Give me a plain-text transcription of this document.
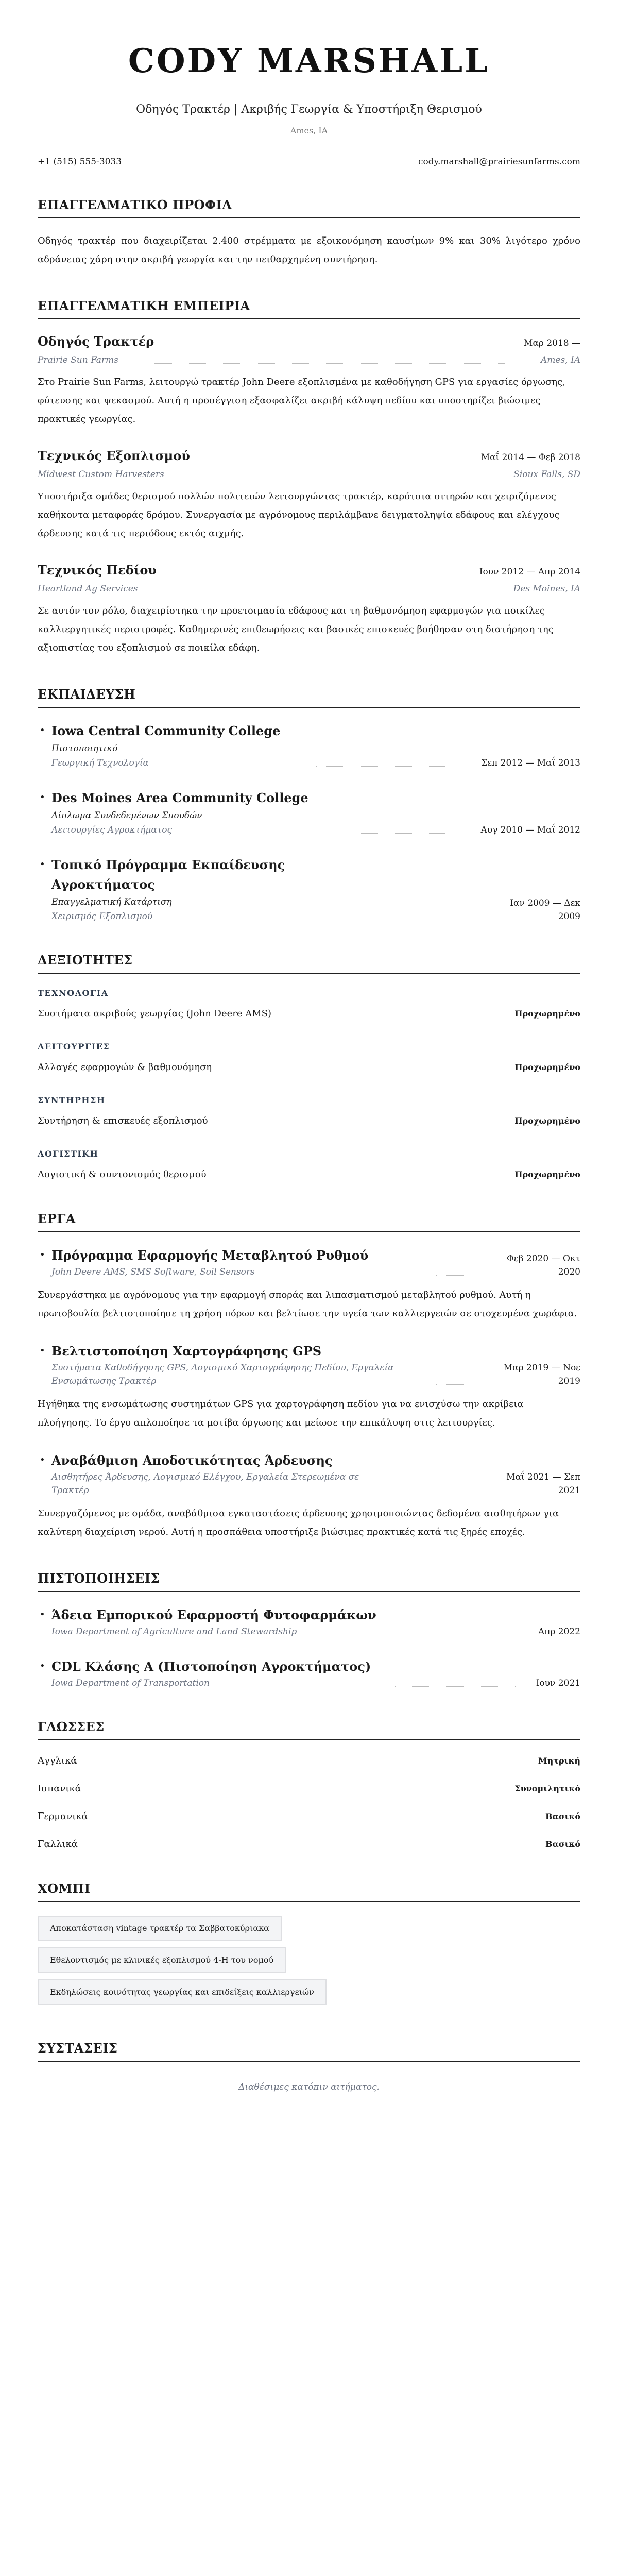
CODY MARSHALL
Οδηγός Τρακτέρ | Ακριβής Γεωργία & Υποστήριξη Θερισμού
Ames, IA
+1 (515) 555-3033	cody.marshall@prairiesunfarms.com
ΕΠΑΓΓΕΛΜΑΤΙΚΟ ΠΡΟΦΙΛ

Οδηγός τρακτέρ που διαχειρίζεται 2.400 στρέμματα με εξοικονόμηση καυσίμων 9% και 30% λιγότερο χρόνο αδράνειας χάρη στην ακριβή γεωργία και την πειθαρχημένη συντήρηση.

ΕΠΑΓΓΕΛΜΑΤΙΚΗ ΕΜΠΕΙΡΙΑ
Οδηγός Τρακτέρ	Μαρ 2018 —
Prairie Sun Farms	Ames, IA

Στο Prairie Sun Farms, λειτουργώ τρακτέρ John Deere εξοπλισμένα με καθοδήγηση GPS για εργασίες όργωσης, φύτευσης και ψεκασμού. Αυτή η προσέγγιση εξασφαλίζει ακριβή κάλυψη πεδίου και υποστηρίζει βιώσιμες πρακτικές γεωργίας.

Τεχνικός Εξοπλισμού	Μαΐ 2014 — Φεβ 2018
Midwest Custom Harvesters	Sioux Falls, SD

Υποστήριξα ομάδες θερισμού πολλών πολιτειών λειτουργώντας τρακτέρ, καρότσια σιτηρών και χειριζόμενος καθήκοντα μεταφοράς δρόμου. Συνεργασία με αγρόνομους περιλάμβανε δειγματοληψία εδάφους και ελέγχους άρδευσης κατά τις περιόδους εκτός αιχμής.

Τεχνικός Πεδίου	Ιουν 2012 — Απρ 2014
Heartland Ag Services	Des Moines, IA

Σε αυτόν τον ρόλο, διαχειρίστηκα την προετοιμασία εδάφους και τη βαθμονόμηση εφαρμογών για ποικίλες καλλιεργητικές περιστροφές. Καθημερινές επιθεωρήσεις και βασικές επισκευές βοήθησαν στη διατήρηση της αξιοπιστίας του εξοπλισμού σε ποικίλα εδάφη.

ΕΚΠΑΙΔΕΥΣΗ
• Iowa Central Community College
Πιστοποιητικό
Γεωργική Τεχνολογία	Σεπ 2012 — Μαΐ 2013
• Des Moines Area Community College
Δίπλωμα Συνδεδεμένων Σπουδών
Λειτουργίες Αγροκτήματος	Αυγ 2010 — Μαΐ 2012
• Τοπικό Πρόγραμμα Εκπαίδευσης Αγροκτήματος
Επαγγελματική Κατάρτιση
Χειρισμός Εξοπλισμού
Ιαν 2009 — Δεκ 2009
ΔΕΞΙΟΤΗΤΕΣ
ΤΕΧΝΟΛΟΓΙΑ
Συστήματα ακριβούς γεωργίας (John Deere AMS)	Προχωρημένο
ΛΕΙΤΟΥΡΓΙΕΣ
Αλλαγές εφαρμογών & βαθμονόμηση	Προχωρημένο
ΣΥΝΤΗΡΗΣΗ
Συντήρηση & επισκευές εξοπλισμού	Προχωρημένο
ΛΟΓΙΣΤΙΚΗ
Λογιστική & συντονισμός θερισμού	Προχωρημένο
ΕΡΓΑ
• Πρόγραμμα Εφαρμογής Μεταβλητού Ρυθμού
John Deere AMS, SMS Software, Soil Sensors
Φεβ 2020 — Οκτ 2020

Συνεργάστηκα με αγρόνομους για την εφαρμογή σποράς και λιπασματισμού μεταβλητού ρυθμού. Αυτή η πρωτοβουλία βελτιστοποίησε τη χρήση πόρων και βελτίωσε την υγεία των καλλιεργειών σε στοχευμένα χωράφια.

• Βελτιστοποίηση Χαρτογράφησης GPS
Συστήματα Καθοδήγησης GPS, Λογισμικό Χαρτογράφησης Πεδίου, Εργαλεία Ενσωμάτωσης Τρακτέρ
Μαρ 2019 — Νοε 2019

Ηγήθηκα της ενσωμάτωσης συστημάτων GPS για χαρτογράφηση πεδίου για να ενισχύσω την ακρίβεια πλοήγησης. Το έργο απλοποίησε τα μοτίβα όργωσης και μείωσε την επικάλυψη στις λειτουργίες.

• Αναβάθμιση Αποδοτικότητας Άρδευσης
Αισθητήρες Άρδευσης, Λογισμικό Ελέγχου, Εργαλεία Στερεωμένα σε Τρακτέρ
Μαΐ 2021 — Σεπ 2021

Συνεργαζόμενος με ομάδα, αναβάθμισα εγκαταστάσεις άρδευσης χρησιμοποιώντας δεδομένα αισθητήρων για καλύτερη διαχείριση νερού. Αυτή η προσπάθεια υποστήριξε βιώσιμες πρακτικές κατά τις ξηρές εποχές.

ΠΙΣΤΟΠΟΙΗΣΕΙΣ
• Άδεια Εμπορικού Εφαρμοστή Φυτοφαρμάκων
Iowa Department of Agriculture and Land Stewardship	Απρ 2022
• CDL Κλάσης A (Πιστοποίηση Αγροκτήματος)
Iowa Department of Transportation	Ιουν 2021
ΓΛΩΣΣΕΣ
Αγγλικά	Μητρική
Ισπανικά	Συνομιλητικό
Γερμανικά	Βασικό
Γαλλικά	Βασικό
ΧΟΜΠΙ
Αποκατάσταση vintage τρακτέρ τα Σαββατοκύριακα
Εθελοντισμός με κλινικές εξοπλισμού 4-H του νομού
Εκδηλώσεις κοινότητας γεωργίας και επιδείξεις καλλιεργειών
ΣΥΣΤΑΣΕΙΣ

Διαθέσιμες κατόπιν αιτήματος.
